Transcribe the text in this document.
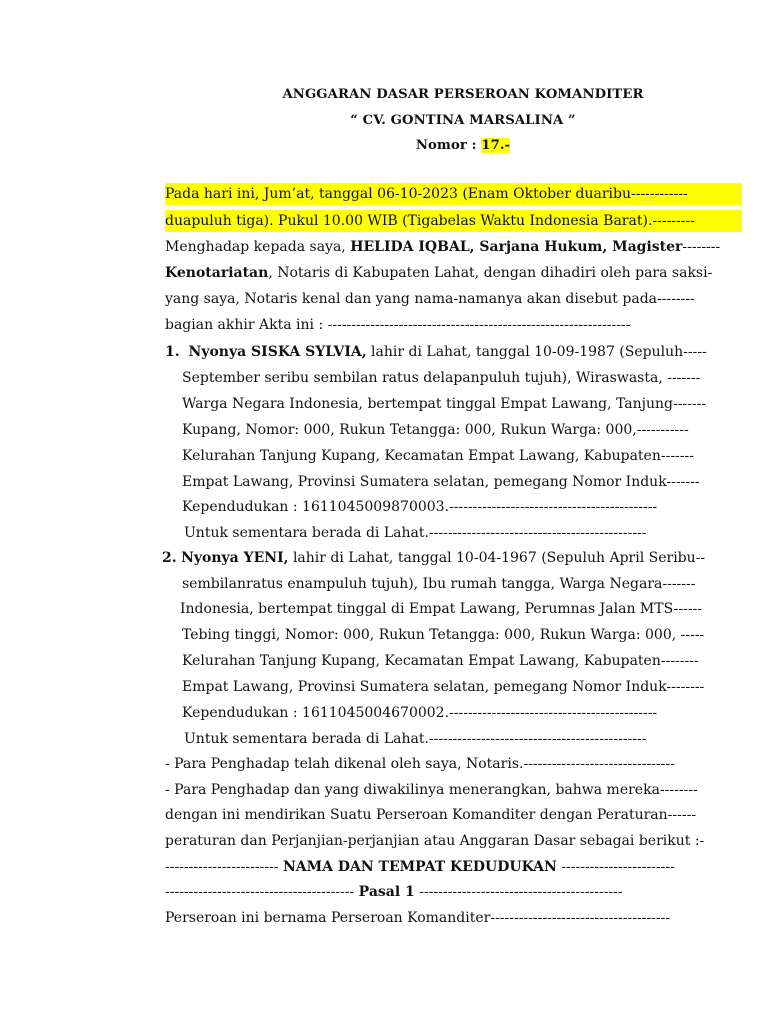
ANGGARAN DASAR PERSEROAN KOMANDITER
“ CV. GONTINA MARSALINA ”
Nomor : 17.-
Pada hari ini, Jum’at, tanggal 06-10-2023 (Enam Oktober duaribu------------
duapuluh tiga). Pukul 10.00 WIB (Tigabelas Waktu Indonesia Barat).---------
Menghadap kepada saya, HELIDA IQBAL, Sarjana Hukum, Magister--------
Kenotariatan, Notaris di Kabupaten Lahat, dengan dihadiri oleh para saksi-
yang saya, Notaris kenal dan yang nama-namanya akan disebut pada--------
bagian akhir Akta ini : ----------------------------------------------------------------
1. Nyonya SISKA SYLVIA, lahir di Lahat, tanggal 10-09-1987 (Sepuluh-----
September seribu sembilan ratus delapanpuluh tujuh), Wiraswasta, -------
Warga Negara Indonesia, bertempat tinggal Empat Lawang, Tanjung-------
Kupang, Nomor: 000, Rukun Tetangga: 000, Rukun Warga: 000,-----------
Kelurahan Tanjung Kupang, Kecamatan Empat Lawang, Kabupaten-------
Empat Lawang, Provinsi Sumatera selatan, pemegang Nomor Induk-------
Kependudukan : 1611045009870003.--------------------------------------------
Untuk sementara berada di Lahat.----------------------------------------------
2. Nyonya YENI, lahir di Lahat, tanggal 10-04-1967 (Sepuluh April Seribu--
sembilanratus enampuluh tujuh), Ibu rumah tangga, Warga Negara-------
Indonesia, bertempat tinggal di Empat Lawang, Perumnas Jalan MTS------
Tebing tinggi, Nomor: 000, Rukun Tetangga: 000, Rukun Warga: 000, -----
Kelurahan Tanjung Kupang, Kecamatan Empat Lawang, Kabupaten--------
Empat Lawang, Provinsi Sumatera selatan, pemegang Nomor Induk--------
Kependudukan : 1611045004670002.--------------------------------------------
Untuk sementara berada di Lahat.----------------------------------------------
- Para Penghadap telah dikenal oleh saya, Notaris.--------------------------------
- Para Penghadap dan yang diwakilinya menerangkan, bahwa mereka--------
dengan ini mendirikan Suatu Perseroan Komanditer dengan Peraturan------
peraturan dan Perjanjian-perjanjian atau Anggaran Dasar sebagai berikut :-
------------------------ NAMA DAN TEMPAT KEDUDUKAN ------------------------
---------------------------------------- Pasal 1 -------------------------------------------
Perseroan ini bernama Perseroan Komanditer--------------------------------------
